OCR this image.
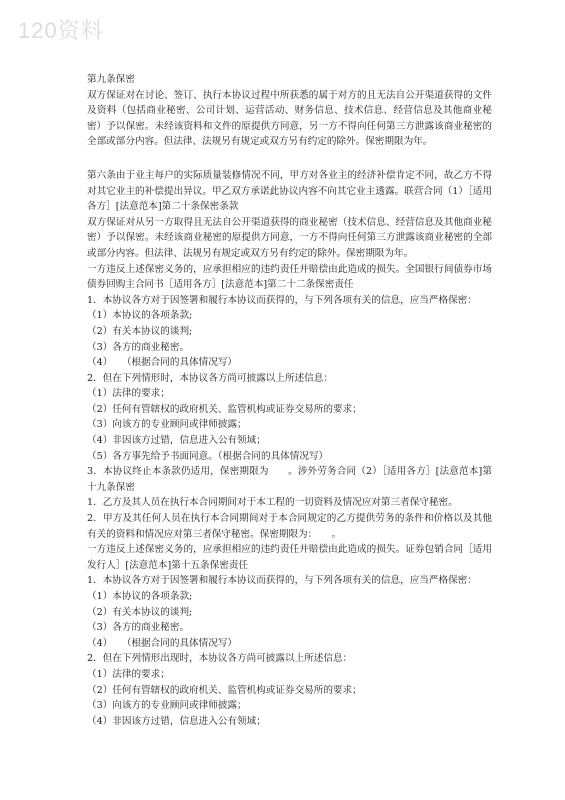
120资料

第九条保密

双方保证对在讨论、签订、执行本协议过程中所获悉的属于对方的且无法自公开渠道获得的文件及资料（包括商业秘密、公司计划、运营活动、财务信息、技术信息、经营信息及其他商业秘密）予以保密。未经该资料和文件的原提供方同意，另一方不得向任何第三方泄露该商业秘密的全部或部分内容。但法律、法规另有规定或双方另有约定的除外。保密期限为年。

第六条由于业主每户的实际质量装修情况不同，甲方对各业主的经济补偿肯定不同，故乙方不得对其它业主的补偿提出异议。甲乙双方承诺此协议内容不向其它业主透露。联营合同（1）［适用各方］[法意范本]第二十条保密条款

双方保证对从另一方取得且无法自公开渠道获得的商业秘密（技术信息、经营信息及其他商业秘密）予以保密。未经该商业秘密的原提供方同意，一方不得向任何第三方泄露该商业秘密的全部或部分内容。但法律、法规另有规定或双方另有约定的除外。保密期限为年。

一方违反上述保密义务的，应承担相应的违约责任并赔偿由此造成的损失。全国银行间债券市场债券回购主合同书［适用各方］[法意范本]第二十二条保密责任

1．本协议各方对于因签署和履行本协议而获得的，与下列各项有关的信息，应当严格保密：

（1）本协议的各项条款;

（2）有关本协议的谈判;

（3）各方的商业秘密。

（4）　　（根据合同的具体情况写）

2．但在下列情形时，本协议各方尚可披露以上所述信息：

（1）法律的要求；

（2）任何有管辖权的政府机关、监管机构或证券交易所的要求；

（3）向该方的专业顾问或律师披露；

（4）非因该方过错，信息进入公有领域；

（5）各方事先给予书面同意。（根据合同的具体情况写）

3．本协议终止本条款仍适用，保密期限为　　。涉外劳务合同（2）［适用各方］[法意范本]第十九条保密

1．乙方及其人员在执行本合同期间对于本工程的一切资料及情况应对第三者保守秘密。

2．甲方及其任何人员在执行本合同期间对于本合同规定的乙方提供劳务的条件和价格以及其他有关的资料和情况应对第三者保守秘密。保密期限为：　　。

一方违反上述保密义务的，应承担相应的违约责任并赔偿由此造成的损失。证券包销合同［适用发行人］[法意范本]第十五条保密责任

1．本协议各方对于因签署和履行本协议而获得的，与下列各项有关的信息，应当严格保密：

（1）本协议的各项条款;

（2）有关本协议的谈判;

（3）各方的商业秘密。

（4）　　（根据合同的具体情况写）

2．但在下列情形出现时，本协议各方尚可披露以上所述信息：

（1）法律的要求；

（2）任何有管辖权的政府机关、监管机构或证券交易所的要求；

（3）向该方的专业顾问或律师披露；

（4）非因该方过错，信息进入公有领域；
